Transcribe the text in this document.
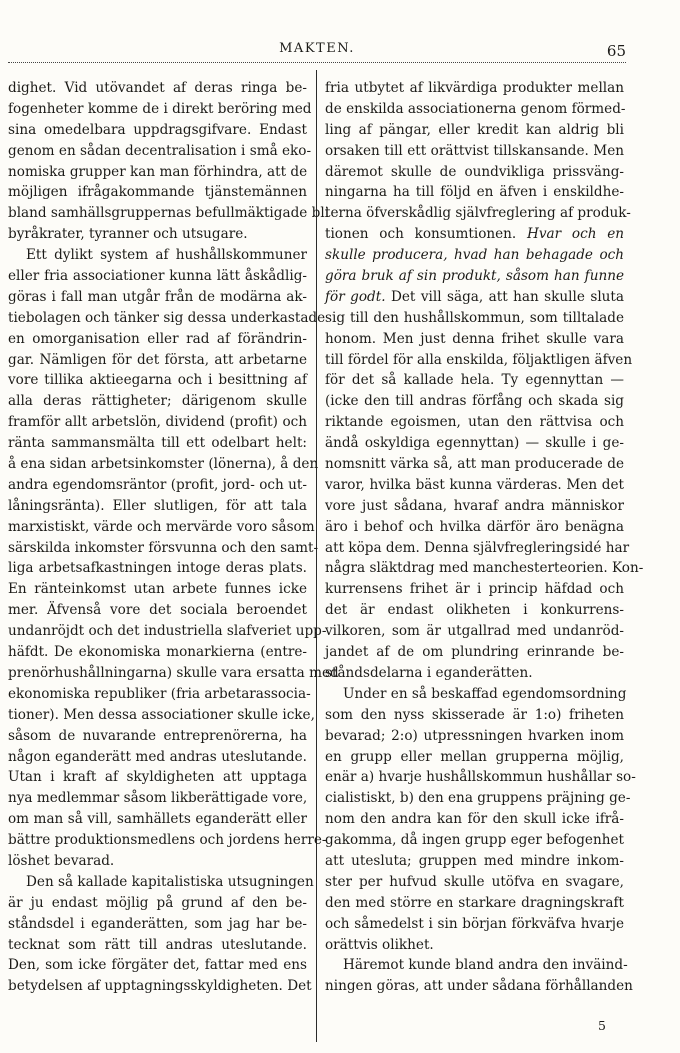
MAKTEN.	65
dighet. Vid utövandet af deras ringa be-
fogenheter komme de i direkt beröring med
sina omedelbara uppdragsgifvare. Endast
genom en sådan decentralisation i små eko-
nomiska grupper kan man förhindra, att de
möjligen ifrågakommande tjänstemännen
bland samhällsgruppernas befullmäktigade bli
byråkrater, tyranner och utsugare.
Ett dylikt system af hushållskommuner
eller fria associationer kunna lätt åskådlig-
göras i fall man utgår från de modärna ak-
tiebolagen och tänker sig dessa underkastade
en omorganisation eller rad af förändrin-
gar. Nämligen för det första, att arbetarne
vore tillika aktieegarna och i besittning af
alla deras rättigheter; därigenom skulle
framför allt arbetslön, dividend (profit) och
ränta sammansmälta till ett odelbart helt:
å ena sidan arbetsinkomster (lönerna), å den
andra egendomsräntor (profit, jord- och ut-
låningsränta). Eller slutligen, för att tala
marxistiskt, värde och mervärde voro såsom
särskilda inkomster försvunna och den samt-
liga arbetsafkastningen intoge deras plats.
En ränteinkomst utan arbete funnes icke
mer. Äfvenså vore det sociala beroendet
undanröjdt och det industriella slafveriet upp-
häfdt. De ekonomiska monarkierna (entre-
prenörhushållningarna) skulle vara ersatta med
ekonomiska republiker (fria arbetarassocia-
tioner). Men dessa associationer skulle icke,
såsom de nuvarande entreprenörerna, ha
någon eganderätt med andras uteslutande.
Utan i kraft af skyldigheten att upptaga
nya medlemmar såsom likberättigade vore,
om man så vill, samhällets eganderätt eller
bättre produktionsmedlens och jordens herre-
löshet bevarad.
Den så kallade kapitalistiska utsugningen
är ju endast möjlig på grund af den be-
ståndsdel i eganderätten, som jag har be-
tecknat som rätt till andras uteslutande.
Den, som icke förgäter det, fattar med ens
betydelsen af upptagningsskyldigheten. Det
fria utbytet af likvärdiga produkter mellan
de enskilda associationerna genom förmed-
ling af pängar, eller kredit kan aldrig bli
orsaken till ett orättvist tillskansande. Men
däremot skulle de oundvikliga prissväng-
ningarna ha till följd en äfven i enskildhe-
terna öfverskådlig självfreglering af produk-
tionen och konsumtionen. Hvar och en
skulle producera, hvad han behagade och
göra bruk af sin produkt, såsom han funne
för godt. Det vill säga, att han skulle sluta
sig till den hushållskommun, som tilltalade
honom. Men just denna frihet skulle vara
till fördel för alla enskilda, följaktligen äfven
för det så kallade hela. Ty egennyttan —
(icke den till andras förfång och skada sig
riktande egoismen, utan den rättvisa och
ändå oskyldiga egennyttan) — skulle i ge-
nomsnitt värka så, att man producerade de
varor, hvilka bäst kunna värderas. Men det
vore just sådana, hvaraf andra människor
äro i behof och hvilka därför äro benägna
att köpa dem. Denna självfregleringsidé har
några släktdrag med manchesterteorien. Kon-
kurrensens frihet är i princip häfdad och
det är endast olikheten i konkurrens-
vilkoren, som är utgallrad med undanröd-
jandet af de om plundring erinrande be-
ståndsdelarna i eganderätten.
Under en så beskaffad egendomsordning
som den nyss skisserade är 1:o) friheten
bevarad; 2:o) utpressningen hvarken inom
en grupp eller mellan grupperna möjlig,
enär a) hvarje hushållskommun hushållar so-
cialistiskt, b) den ena gruppens präjning ge-
nom den andra kan för den skull icke ifrå-
gakomma, då ingen grupp eger befogenhet
att utesluta; gruppen med mindre inkom-
ster per hufvud skulle utöfva en svagare,
den med större en starkare dragningskraft
och såmedelst i sin början förkväfva hvarje
orättvis olikhet.
Häremot kunde bland andra den inväind-
ningen göras, att under sådana förhållanden
5
